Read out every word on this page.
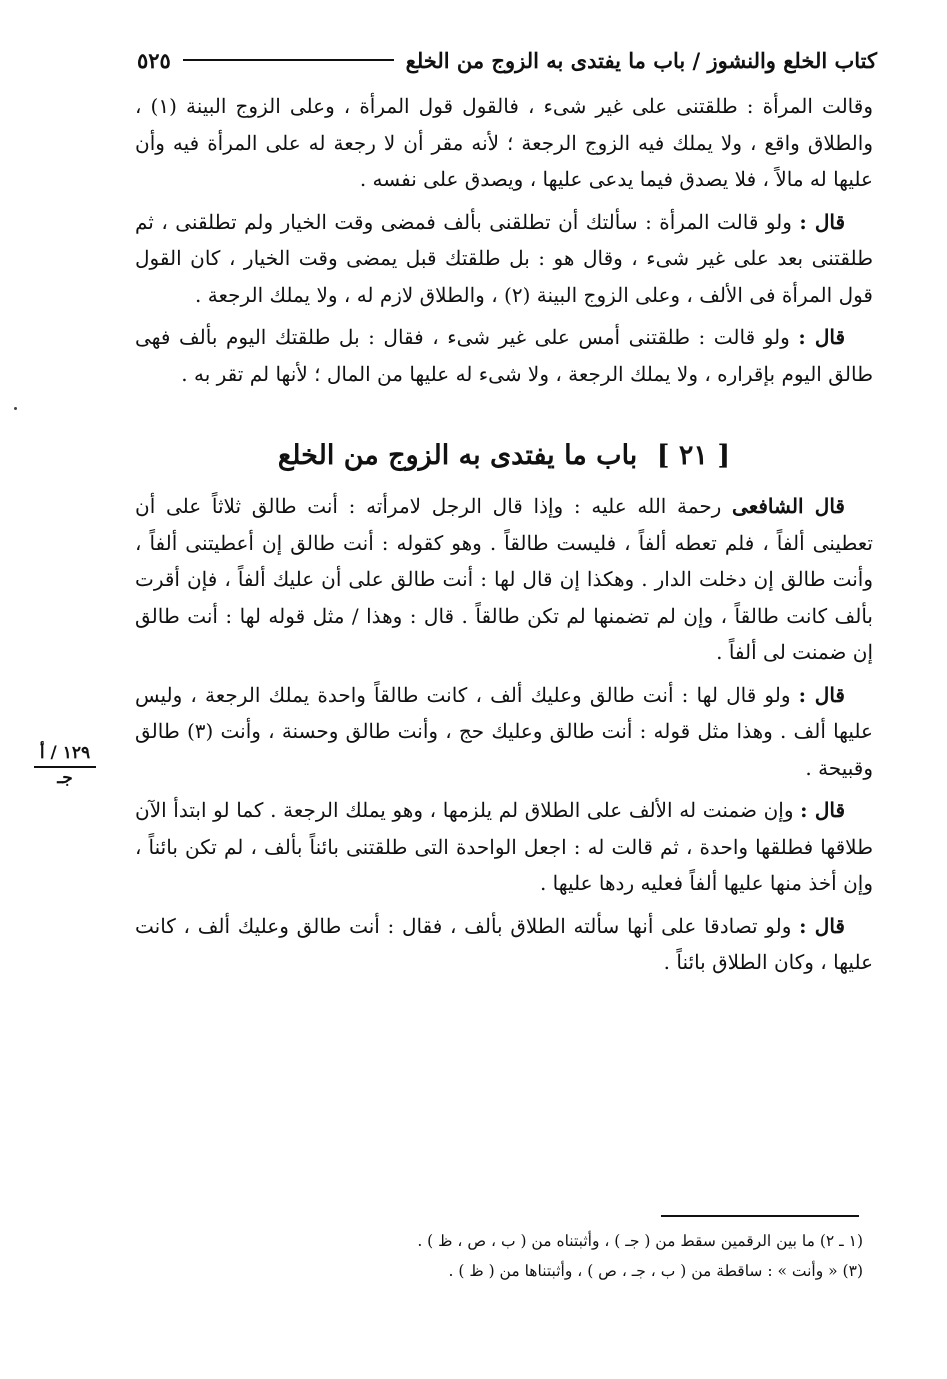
كتاب الخلع والنشوز / باب ما يفتدى به الزوج من الخلع
٥٢٥

وقالت المرأة : طلقتنى على غير شىء ، فالقول قول المرأة ، وعلى الزوج البينة (١) ، والطلاق واقع ، ولا يملك فيه الزوج الرجعة ؛ لأنه مقر أن لا رجعة له على المرأة فيه وأن عليها له مالاً ، فلا يصدق فيما يدعى عليها ، ويصدق على نفسه .

قال : ولو قالت المرأة : سألتك أن تطلقنى بألف فمضى وقت الخيار ولم تطلقنى ، ثم طلقتنى بعد على غير شىء ، وقال هو : بل طلقتك قبل يمضى وقت الخيار ، كان القول قول المرأة فى الألف ، وعلى الزوج البينة (٢) ، والطلاق لازم له ، ولا يملك الرجعة .

قال : ولو قالت : طلقتنى أمس على غير شىء ، فقال : بل طلقتك اليوم بألف فهى طالق اليوم بإقراره ، ولا يملك الرجعة ، ولا شىء له عليها من المال ؛ لأنها لم تقر به .

[ ٢١ ] باب ما يفتدى به الزوج من الخلع

قال الشافعى رحمة الله عليه : وإذا قال الرجل لامرأته : أنت طالق ثلاثاً على أن تعطينى ألفاً ، فلم تعطه ألفاً ، فليست طالقاً . وهو كقوله : أنت طالق إن أعطيتنى ألفاً ، وأنت طالق إن دخلت الدار . وهكذا إن قال لها : أنت طالق على أن عليك ألفاً ، فإن أقرت بألف كانت طالقاً ، وإن لم تضمنها لم تكن طالقاً . قال : وهذا / مثل قوله لها : أنت طالق إن ضمنت لى ألفاً .

قال : ولو قال لها : أنت طالق وعليك ألف ، كانت طالقاً واحدة يملك الرجعة ، وليس عليها ألف . وهذا مثل قوله : أنت طالق وعليك حج ، وأنت طالق وحسنة ، وأنت (٣) طالق وقبيحة .

قال : وإن ضمنت له الألف على الطلاق لم يلزمها ، وهو يملك الرجعة . كما لو ابتدأ الآن طلاقها فطلقها واحدة ، ثم قالت له : اجعل الواحدة التى طلقتنى بائناً بألف ، لم تكن بائناً ، وإن أخذ منها عليها ألفاً فعليه ردها عليها .

قال : ولو تصادقا على أنها سألته الطلاق بألف ، فقال : أنت طالق وعليك ألف ، كانت عليها ، وكان الطلاق بائناً .

١٢٩ / أ
جـ
(١ ـ ٢) ما بين الرقمين سقط من ( جـ ) ، وأثبتناه من ( ب ، ص ، ظ ) .
(٣) « وأنت » : ساقطة من ( ب ، جـ ، ص ) ، وأثبتناها من ( ظ ) .
